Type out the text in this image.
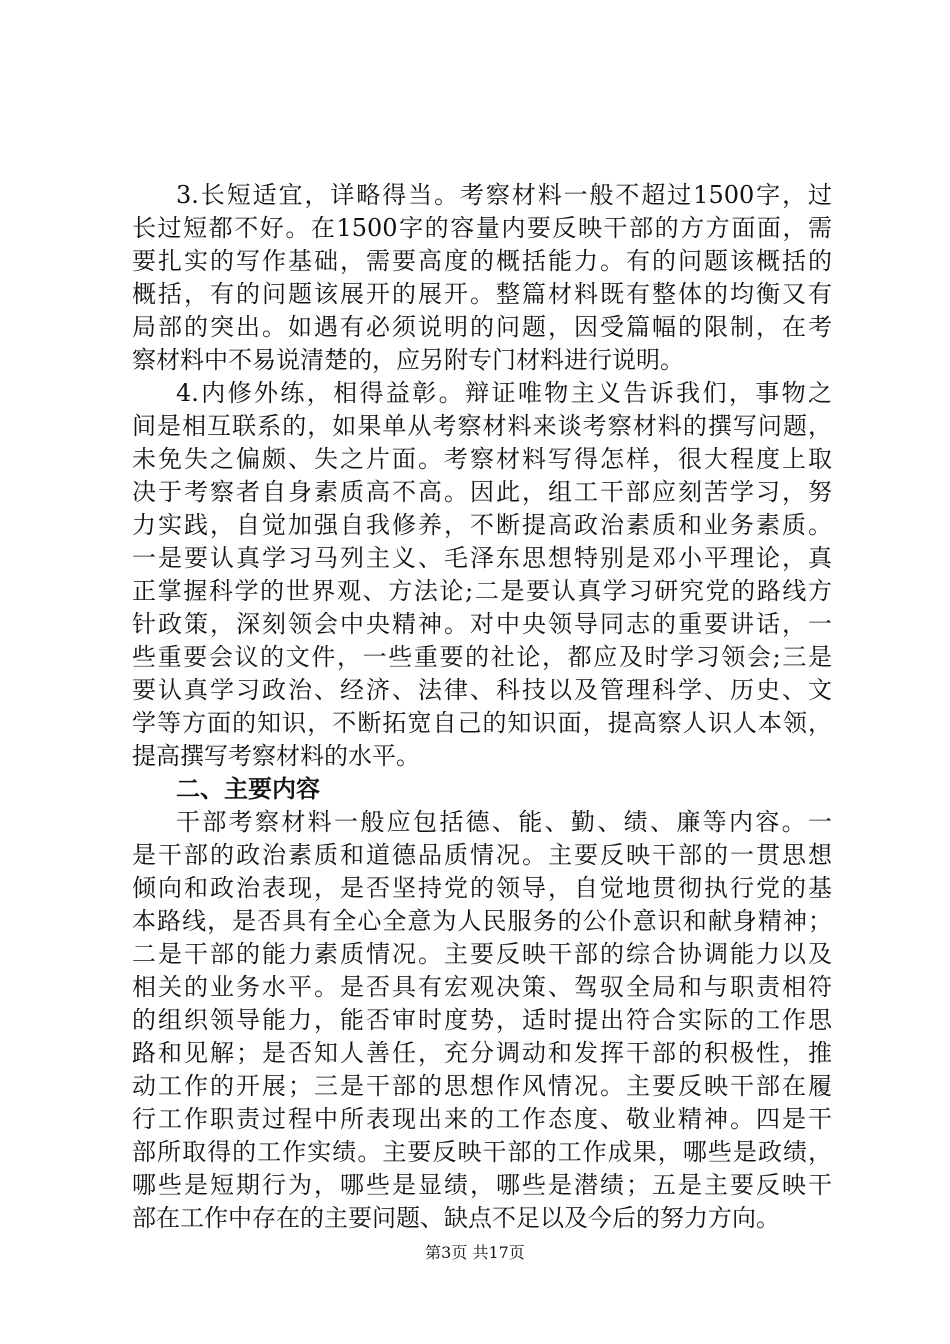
3.长短适宜，详略得当。考察材料一般不超过1500字，过
长过短都不好。在1500字的容量内要反映干部的方方面面，需
要扎实的写作基础，需要高度的概括能力。有的问题该概括的
概括，有的问题该展开的展开。整篇材料既有整体的均衡又有
局部的突出。如遇有必须说明的问题，因受篇幅的限制，在考
察材料中不易说清楚的，应另附专门材料进行说明。
4.内修外练，相得益彰。辩证唯物主义告诉我们，事物之
间是相互联系的，如果单从考察材料来谈考察材料的撰写问题，
未免失之偏颇、失之片面。考察材料写得怎样，很大程度上取
决于考察者自身素质高不高。因此，组工干部应刻苦学习，努
力实践，自觉加强自我修养，不断提高政治素质和业务素质。
一是要认真学习马列主义、毛泽东思想特别是邓小平理论，真
正掌握科学的世界观、方法论;二是要认真学习研究党的路线方
针政策，深刻领会中央精神。对中央领导同志的重要讲话，一
些重要会议的文件，一些重要的社论，都应及时学习领会;三是
要认真学习政治、经济、法律、科技以及管理科学、历史、文
学等方面的知识，不断拓宽自己的知识面，提高察人识人本领，
提高撰写考察材料的水平。
二、主要内容
干部考察材料一般应包括德、能、勤、绩、廉等内容。一
是干部的政治素质和道德品质情况。主要反映干部的一贯思想
倾向和政治表现，是否坚持党的领导，自觉地贯彻执行党的基
本路线，是否具有全心全意为人民服务的公仆意识和献身精神；
二是干部的能力素质情况。主要反映干部的综合协调能力以及
相关的业务水平。是否具有宏观决策、驾驭全局和与职责相符
的组织领导能力，能否审时度势，适时提出符合实际的工作思
路和见解；是否知人善任，充分调动和发挥干部的积极性，推
动工作的开展；三是干部的思想作风情况。主要反映干部在履
行工作职责过程中所表现出来的工作态度、敬业精神。四是干
部所取得的工作实绩。主要反映干部的工作成果，哪些是政绩，
哪些是短期行为，哪些是显绩，哪些是潜绩；五是主要反映干
部在工作中存在的主要问题、缺点不足以及今后的努力方向。
第3页 共17页
